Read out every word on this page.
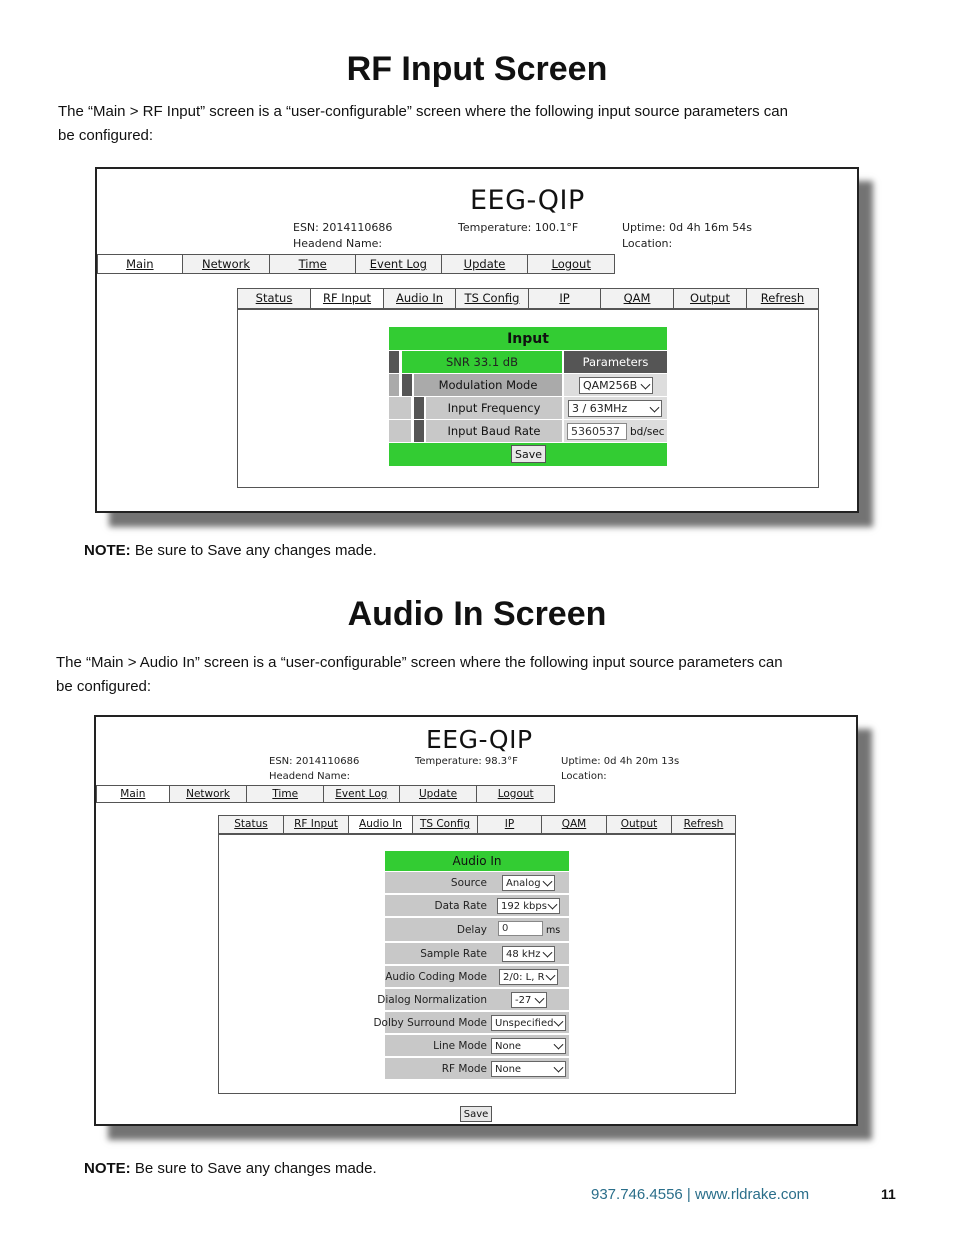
RF Input Screen
The “Main > RF Input” screen is a “user-configurable” screen where the following input source parameters can
be configured:
EEG-QIP
ESN: 2014110686
Headend Name:
Temperature: 100.1°F	Uptime: 0d 4h 16m 54s
Location:
Main	Network	Time	Event Log	Update	Logout
Status	RF Input	Audio In	TS Config	IP	QAM	Output	Refresh
Input
SNR 33.1 dB	Parameters
Modulation Mode	QAM256B
Input Frequency	3 / 63MHz
Input Baud Rate	5360537 bd/sec
Save
NOTE: Be sure to Save any changes made.
Audio In Screen
The “Main > Audio In” screen is a “user-configurable” screen where the following input source parameters can
be configured:
EEG-QIP
ESN: 2014110686
Headend Name:
Temperature: 98.3°F	Uptime: 0d 4h 20m 13s
Location:
Main	Network	Time	Event Log	Update	Logout
Status	RF Input	Audio In	TS Config	IP	QAM	Output	Refresh
Audio In
Source Analog
Data Rate 192 kbps
Delay	0	ms
Sample Rate 48 kHz
Audio Coding Mode 2/0: L, R
Dialog Normalization	-27
Dolby Surround Mode Unspecified
Line Mode None
RF Mode None
Save
NOTE: Be sure to Save any changes made.
937.746.4556 | www.rldrake.com	11
